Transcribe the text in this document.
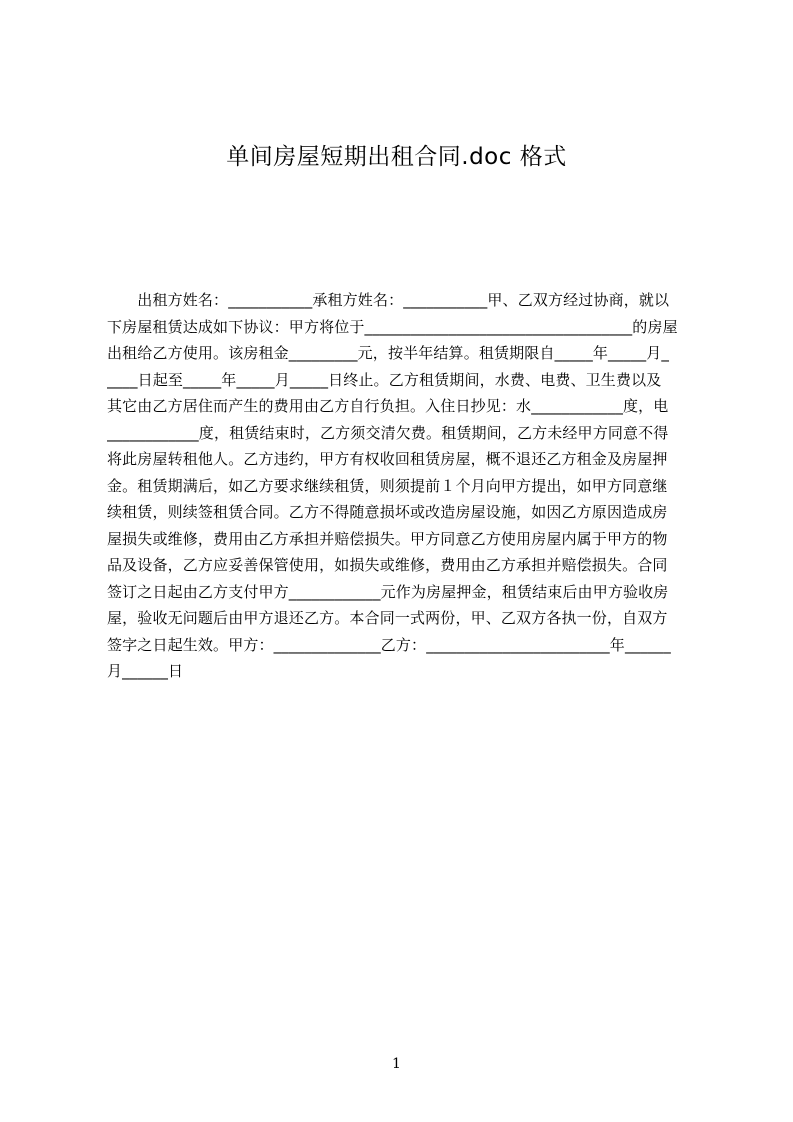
单间房屋短期出租合同.doc 格式
　　出租方姓名：___________承租方姓名：___________甲、乙双方经过协商，就以
下房屋租赁达成如下协议：甲方将位于___________________________________的房屋
出租给乙方使用。该房租金_________元，按半年结算。租赁期限自_____年_____月_
____日起至_____年_____月_____日终止。乙方租赁期间，水费、电费、卫生费以及
其它由乙方居住而产生的费用由乙方自行负担。入住日抄见：水____________度，电
____________度，租赁结束时，乙方须交清欠费。租赁期间，乙方未经甲方同意不得
将此房屋转租他人。乙方违约，甲方有权收回租赁房屋，概不退还乙方租金及房屋押
金。租赁期满后，如乙方要求继续租赁，则须提前１个月向甲方提出，如甲方同意继
续租赁，则续签租赁合同。乙方不得随意损坏或改造房屋设施，如因乙方原因造成房
屋损失或维修，费用由乙方承担并赔偿损失。甲方同意乙方使用房屋内属于甲方的物
品及设备，乙方应妥善保管使用，如损失或维修，费用由乙方承担并赔偿损失。合同
签订之日起由乙方支付甲方____________元作为房屋押金，租赁结束后由甲方验收房
屋，验收无问题后由甲方退还乙方。本合同一式两份，甲、乙双方各执一份，自双方
签字之日起生效。甲方：______________乙方：________________________年______
月______日
1
